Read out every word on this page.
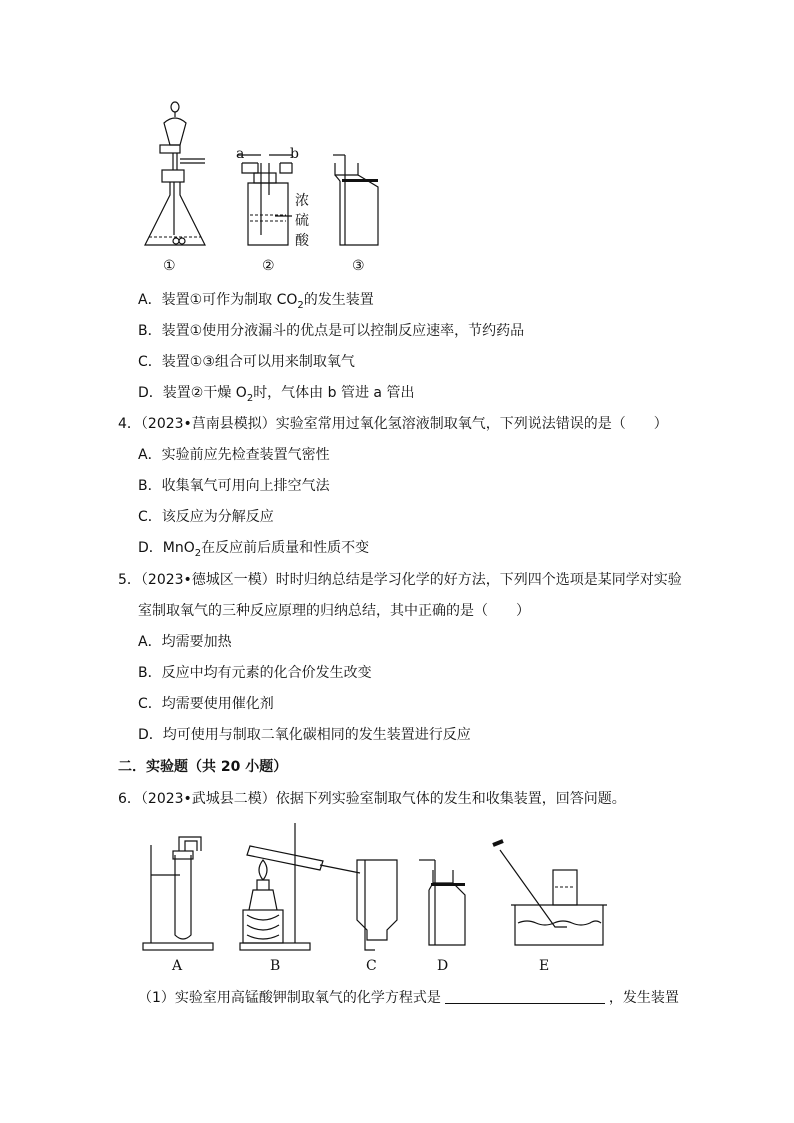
a	b
浓
硫
酸
①	②	③
A．装置①可作为制取 $CO_2$的发生装置
B．装置①使用分液漏斗的优点是可以控制反应速率，节约药品
C．装置①③组合可以用来制取氧气
D．装置②干燥 $O_2$时，气体由 b 管进 a 管出
4．（2023•莒南县模拟）实验室常用过氧化氢溶液制取氧气，下列说法错误的是（　　）
A．实验前应先检查装置气密性
B．收集氧气可用向上排空气法
C．该反应为分解反应
D．MnO$_2$在反应前后质量和性质不变
5．（2023•德城区一模）时时归纳总结是学习化学的好方法，下列四个选项是某同学对实验
室制取氧气的三种反应原理的归纳总结，其中正确的是（　　）
A．均需要加热
B．反应中均有元素的化合价发生改变
C．均需要使用催化剂
D．均可使用与制取二氧化碳相同的发生装置进行反应
二．实验题（共 20 小题）
6．（2023•武城县二模）依据下列实验室制取气体的发生和收集装置，回答问题。
A	B	C	D	E
（1）实验室用高锰酸钾制取氧气的化学方程式是	，发生装置
